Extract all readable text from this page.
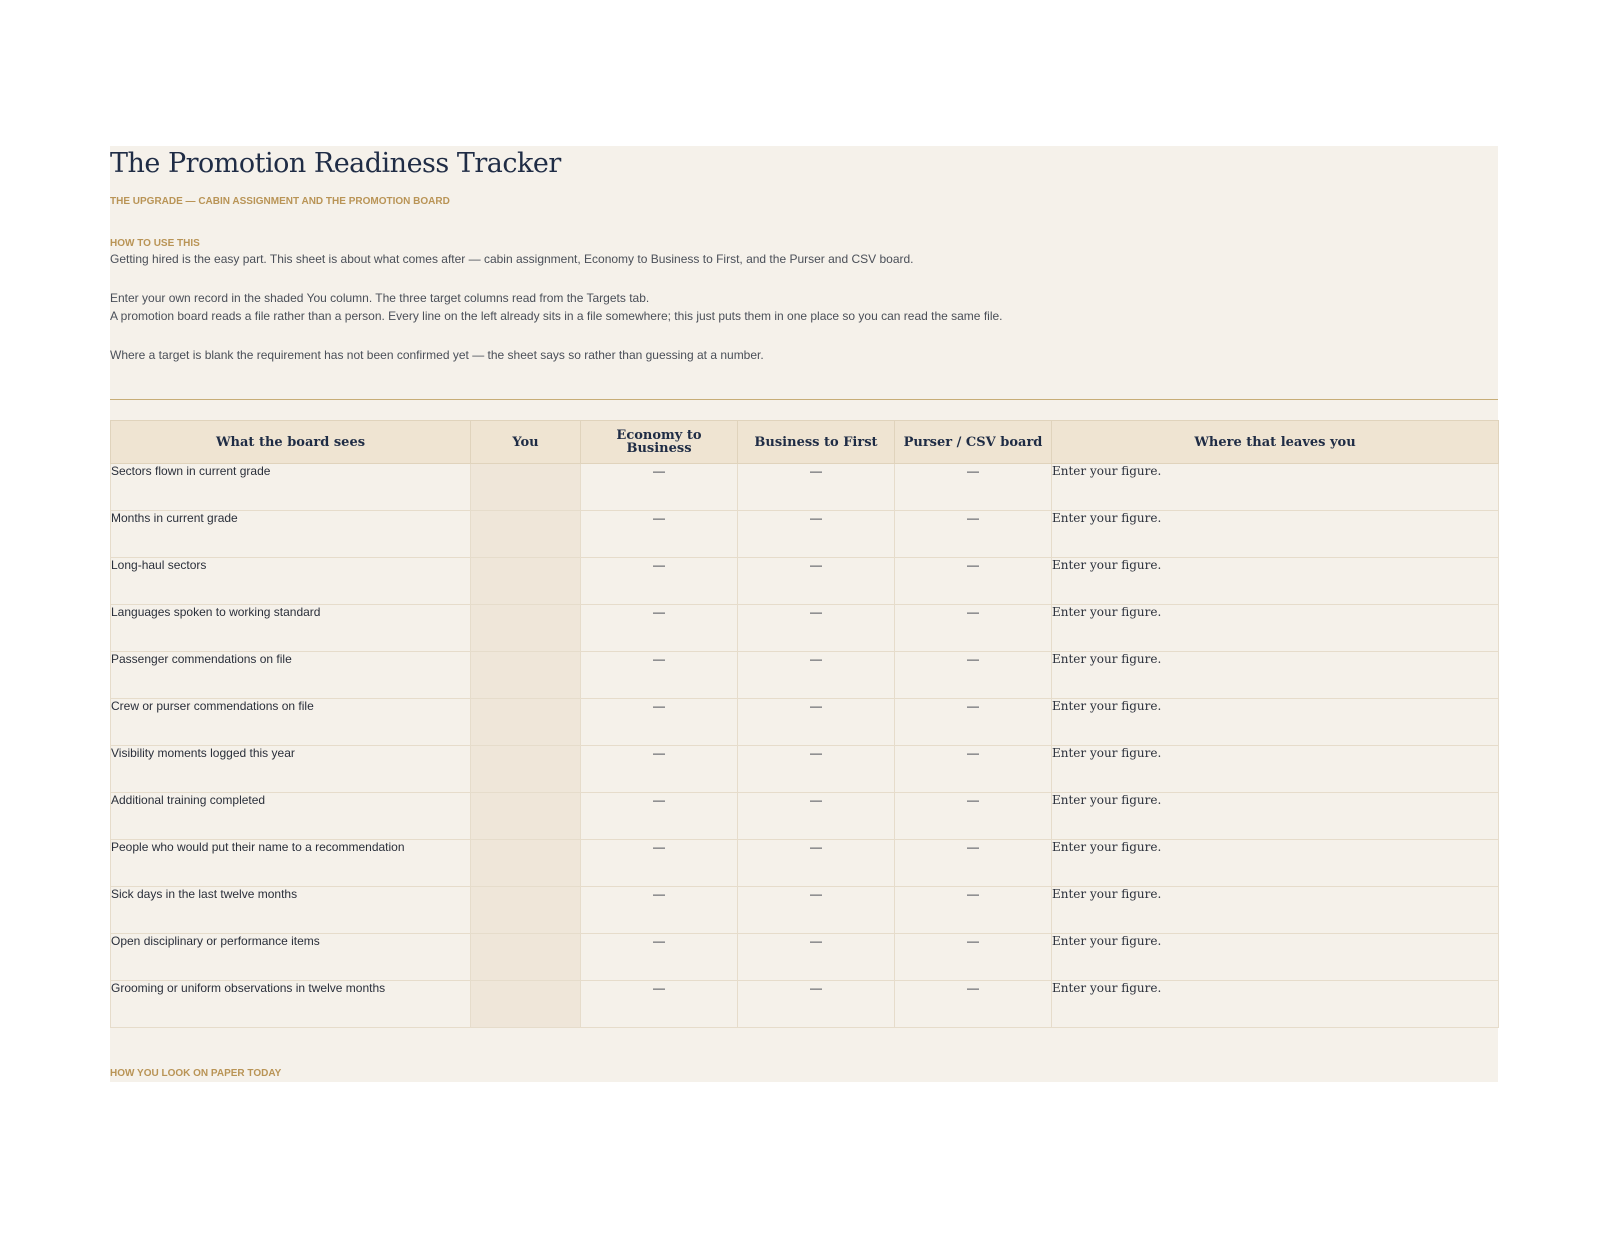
The Promotion Readiness Tracker
THE UPGRADE — CABIN ASSIGNMENT AND THE PROMOTION BOARD
HOW TO USE THIS
Getting hired is the easy part. This sheet is about what comes after — cabin assignment, Economy to Business to First, and the Purser and CSV board.
Enter your own record in the shaded You column. The three target columns read from the Targets tab.
A promotion board reads a file rather than a person. Every line on the left already sits in a file somewhere; this just puts them in one place so you can read the same file.
Where a target is blank the requirement has not been confirmed yet — the sheet says so rather than guessing at a number.
What the board sees	You	Economy to Business	Business to First	Purser / CSV board	Where that leaves you
Sectors flown in current grade		—	—	—	Enter your figure.
Months in current grade		—	—	—	Enter your figure.
Long-haul sectors		—	—	—	Enter your figure.
Languages spoken to working standard		—	—	—	Enter your figure.
Passenger commendations on file		—	—	—	Enter your figure.
Crew or purser commendations on file		—	—	—	Enter your figure.
Visibility moments logged this year		—	—	—	Enter your figure.
Additional training completed		—	—	—	Enter your figure.
People who would put their name to a recommendation		—	—	—	Enter your figure.
Sick days in the last twelve months		—	—	—	Enter your figure.
Open disciplinary or performance items		—	—	—	Enter your figure.
Grooming or uniform observations in twelve months		—	—	—	Enter your figure.
HOW YOU LOOK ON PAPER TODAY
